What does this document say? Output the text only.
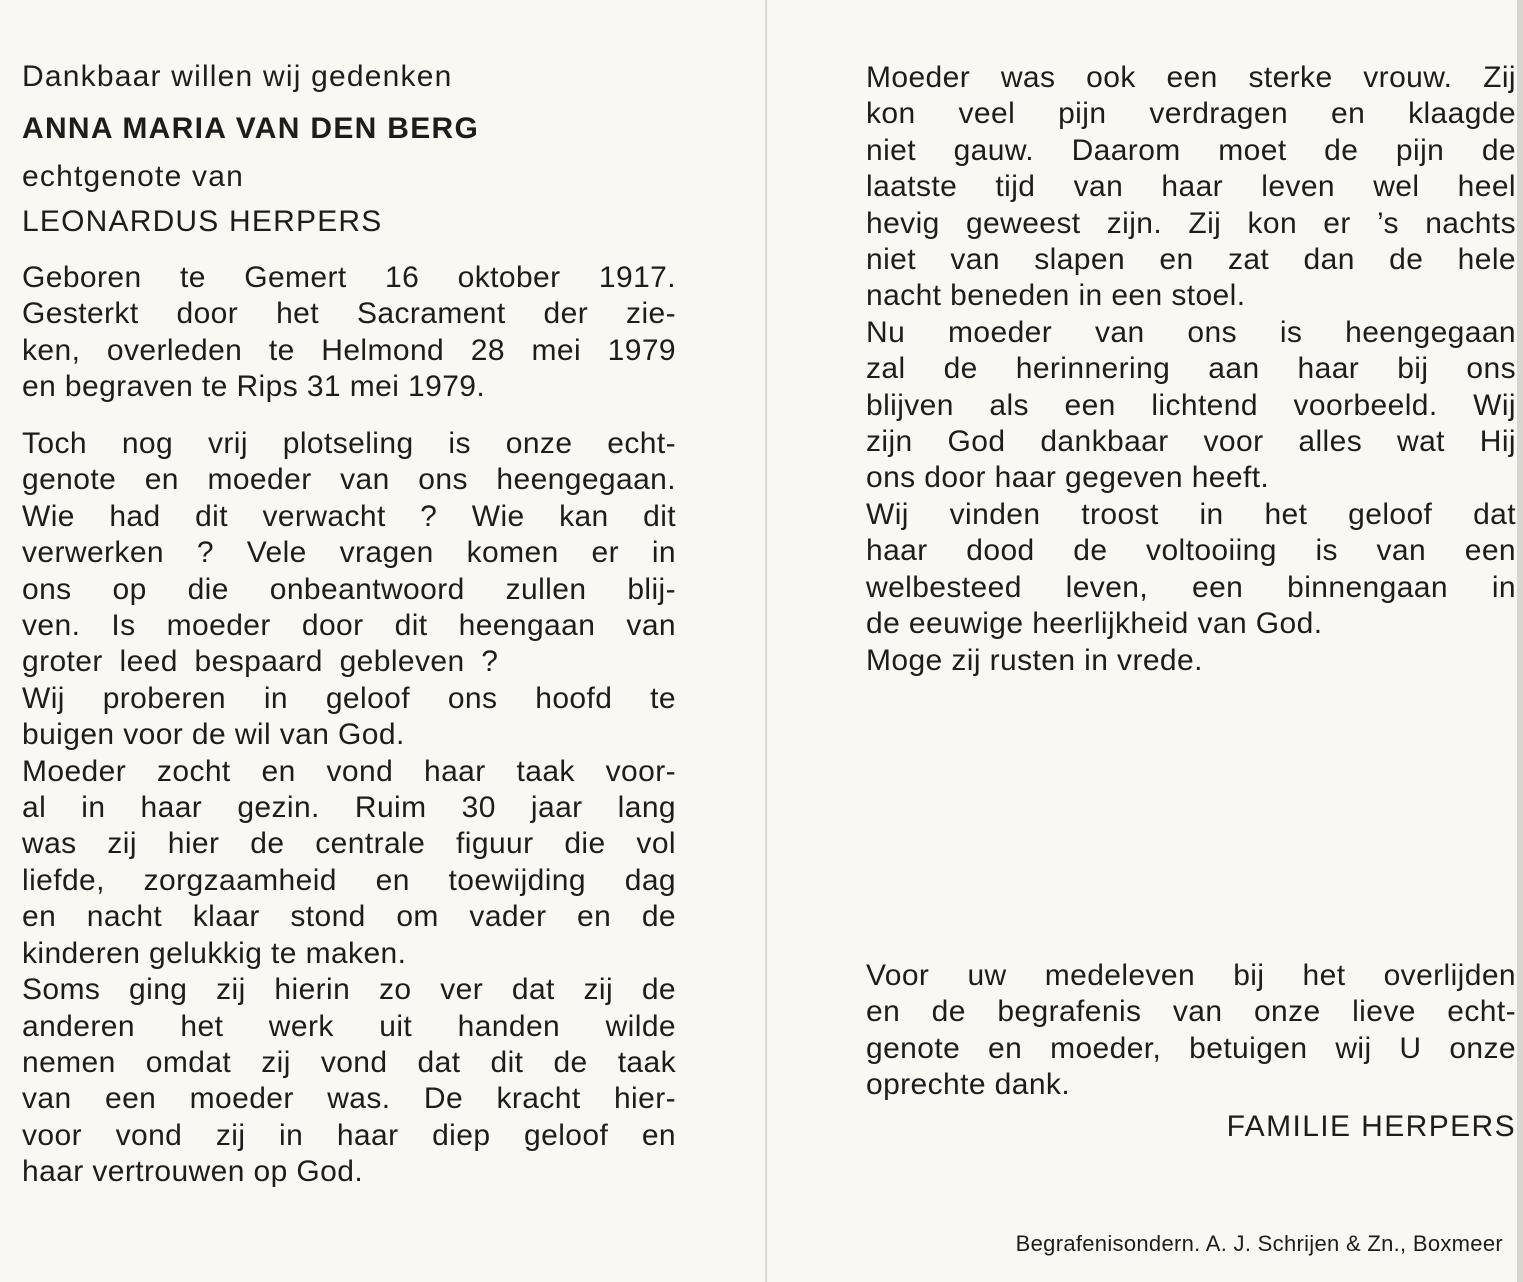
Dankbaar willen wij gedenken
ANNA MARIA VAN DEN BERG
echtgenote van
LEONARDUS HERPERS
Geboren te Gemert 16 oktober 1917.
Gesterkt door het Sacrament der zie-
ken, overleden te Helmond 28 mei 1979
en begraven te Rips 31 mei 1979.
Toch nog vrij plotseling is onze echt-
genote en moeder van ons heengegaan.
Wie had dit verwacht ? Wie kan dit
verwerken ? Vele vragen komen er in
ons op die onbeantwoord zullen blij-
ven. Is moeder door dit heengaan van
groter leed bespaard gebleven ?
Wij proberen in geloof ons hoofd te
buigen voor de wil van God.
Moeder zocht en vond haar taak voor-
al in haar gezin. Ruim 30 jaar lang
was zij hier de centrale figuur die vol
liefde, zorgzaamheid en toewijding dag
en nacht klaar stond om vader en de
kinderen gelukkig te maken.
Soms ging zij hierin zo ver dat zij de
anderen het werk uit handen wilde
nemen omdat zij vond dat dit de taak
van een moeder was. De kracht hier-
voor vond zij in haar diep geloof en
haar vertrouwen op God.
Moeder was ook een sterke vrouw. Zij
kon veel pijn verdragen en klaagde
niet gauw. Daarom moet de pijn de
laatste tijd van haar leven wel heel
hevig geweest zijn. Zij kon er ’s nachts
niet van slapen en zat dan de hele
nacht beneden in een stoel.
Nu moeder van ons is heengegaan
zal de herinnering aan haar bij ons
blijven als een lichtend voorbeeld. Wij
zijn God dankbaar voor alles wat Hij
ons door haar gegeven heeft.
Wij vinden troost in het geloof dat
haar dood de voltooiing is van een
welbesteed leven, een binnengaan in
de eeuwige heerlijkheid van God.
Moge zij rusten in vrede.
Voor uw medeleven bij het overlijden
en de begrafenis van onze lieve echt-
genote en moeder, betuigen wij U onze
oprechte dank.
FAMILIE HERPERS
Begrafenisondern. A. J. Schrijen & Zn., Boxmeer
